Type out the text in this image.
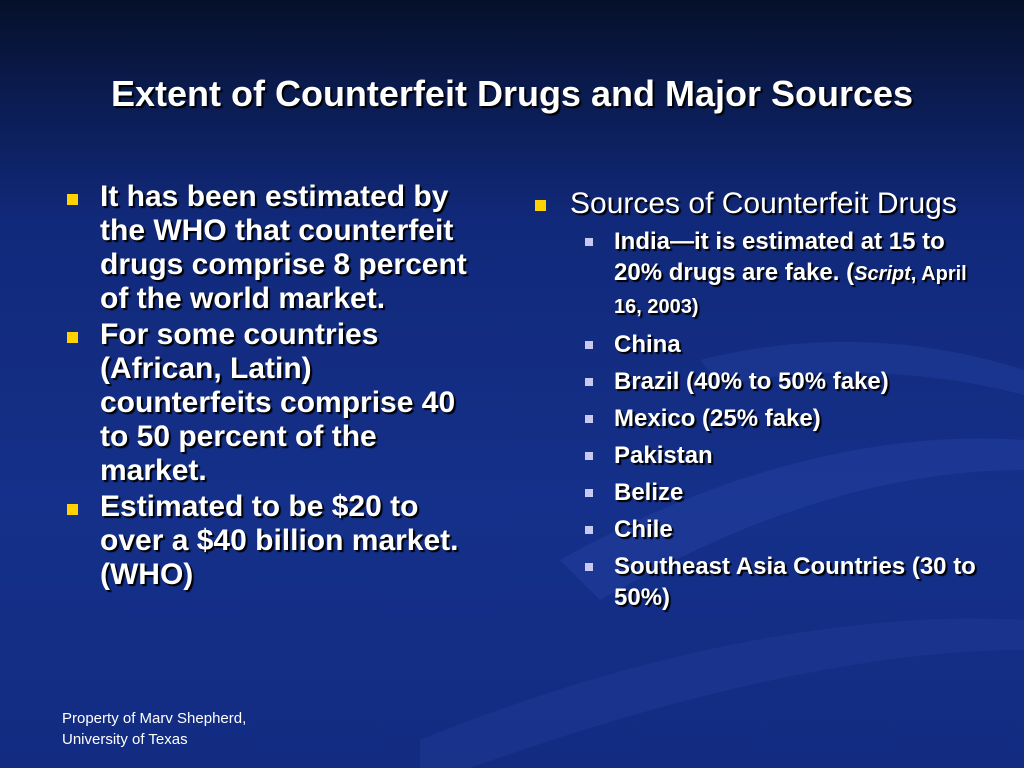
Extent of Counterfeit Drugs and Major Sources
It has been estimated by the WHO that counterfeit drugs comprise 8 percent of the world market.
For some countries (African, Latin) counterfeits comprise 40 to 50 percent of the market.
Estimated to be $20 to over a $40 billion market. (WHO)
Sources of Counterfeit Drugs
India—it is estimated at 15 to 20% drugs are fake. (Script, April 16, 2003)
China
Brazil (40% to 50% fake)
Mexico (25% fake)
Pakistan
Belize
Chile
Southeast Asia Countries (30 to 50%)
Property of Marv Shepherd,
University of Texas
